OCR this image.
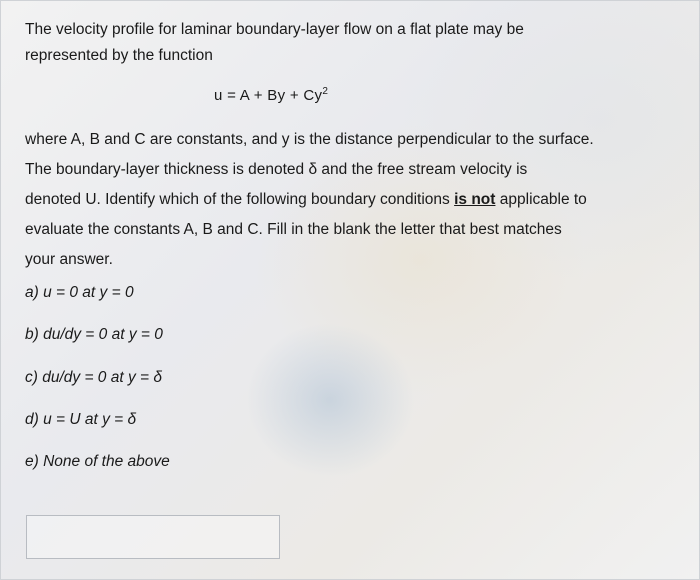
The velocity profile for laminar boundary-layer flow on a flat plate may be
represented by the function

$u = A + By + Cy^2$

where A, B and C are constants, and y is the distance perpendicular to the surface.
The boundary-layer thickness is denoted δ and the free stream velocity is
denoted U. Identify which of the following boundary conditions is not applicable to
evaluate the constants A, B and C. Fill in the blank the letter that best matches
your answer.

a) u = 0 at y = 0

b) du/dy = 0 at y = 0

c) du/dy = 0 at y = δ

d) u = U at y = δ

e) None of the above
